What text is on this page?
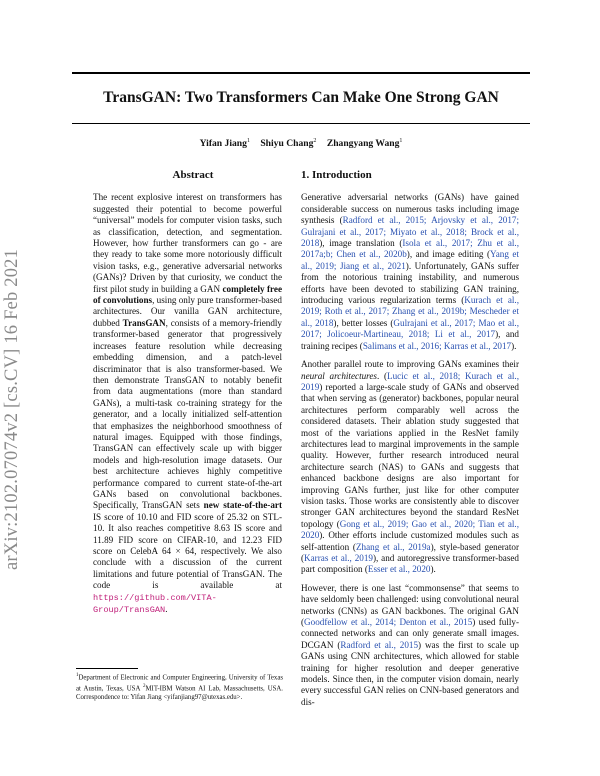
TransGAN: Two Transformers Can Make One Strong GAN
Yifan Jiang$^1$ Shiyu Chang$^2$ Zhangyang Wang$^1$
arXiv:2102.07074v2 [cs.CV] 16 Feb 2021
Abstract

The recent explosive interest on transformers has suggested their potential to become powerful “universal” models for computer vision tasks, such as classification, detection, and segmentation. However, how further transformers can go - are they ready to take some more notoriously difficult vision tasks, e.g., generative adversarial networks (GANs)? Driven by that curiosity, we conduct the first pilot study in building a GAN completely free of convolutions, using only pure transformer-based architectures. Our vanilla GAN architecture, dubbed TransGAN, consists of a memory-friendly transformer-based generator that progressively increases feature resolution while decreasing embedding dimension, and a patch-level discriminator that is also transformer-based. We then demonstrate TransGAN to notably benefit from data augmentations (more than standard GANs), a multi-task co-training strategy for the generator, and a locally initialized self-attention that emphasizes the neighborhood smoothness of natural images. Equipped with those findings, TransGAN can effectively scale up with bigger models and high-resolution image datasets. Our best architecture achieves highly competitive performance compared to current state-of-the-art GANs based on convolutional backbones. Specifically, TransGAN sets new state-of-the-art IS score of 10.10 and FID score of 25.32 on STL-10. It also reaches competitive 8.63 IS score and 11.89 FID score on CIFAR-10, and 12.23 FID score on CelebA 64 × 64, respectively. We also conclude with a discussion of the current limitations and future potential of TransGAN. The code is available at https://github.com/VITA-Group/TransGAN.

1. Introduction

Generative adversarial networks (GANs) have gained considerable success on numerous tasks including image synthesis (Radford et al., 2015; Arjovsky et al., 2017; Gulrajani et al., 2017; Miyato et al., 2018; Brock et al., 2018), image translation (Isola et al., 2017; Zhu et al., 2017a;b; Chen et al., 2020b), and image editing (Yang et al., 2019; Jiang et al., 2021). Unfortunately, GANs suffer from the notorious training instability, and numerous efforts have been devoted to stabilizing GAN training, introducing various regularization terms (Kurach et al., 2019; Roth et al., 2017; Zhang et al., 2019b; Mescheder et al., 2018), better losses (Gulrajani et al., 2017; Mao et al., 2017; Jolicoeur-Martineau, 2018; Li et al., 2017), and training recipes (Salimans et al., 2016; Karras et al., 2017).

Another parallel route to improving GANs examines their neural architectures. (Lucic et al., 2018; Kurach et al., 2019) reported a large-scale study of GANs and observed that when serving as (generator) backbones, popular neural architectures perform comparably well across the considered datasets. Their ablation study suggested that most of the variations applied in the ResNet family architectures lead to marginal improvements in the sample quality. However, further research introduced neural architecture search (NAS) to GANs and suggests that enhanced backbone designs are also important for improving GANs further, just like for other computer vision tasks. Those works are consistently able to discover stronger GAN architectures beyond the standard ResNet topology (Gong et al., 2019; Gao et al., 2020; Tian et al., 2020). Other efforts include customized modules such as self-attention (Zhang et al., 2019a), style-based generator (Karras et al., 2019), and autoregressive transformer-based part composition (Esser et al., 2020).

However, there is one last “commonsense” that seems to have seldomly been challenged: using convolutional neural networks (CNNs) as GAN backbones. The original GAN (Goodfellow et al., 2014; Denton et al., 2015) used fully-connected networks and can only generate small images. DCGAN (Radford et al., 2015) was the first to scale up GANs using CNN architectures, which allowed for stable training for higher resolution and deeper generative models. Since then, in the computer vision domain, nearly every successful GAN relies on CNN-based generators and dis-

$^1$Department of Electronic and Computer Engineering, University of Texas at Austin, Texas, USA $^2$MIT-IBM Watson AI Lab, Massachusetts, USA. Correspondence to: Yifan Jiang <yifanjiang97@utexas.edu>.
